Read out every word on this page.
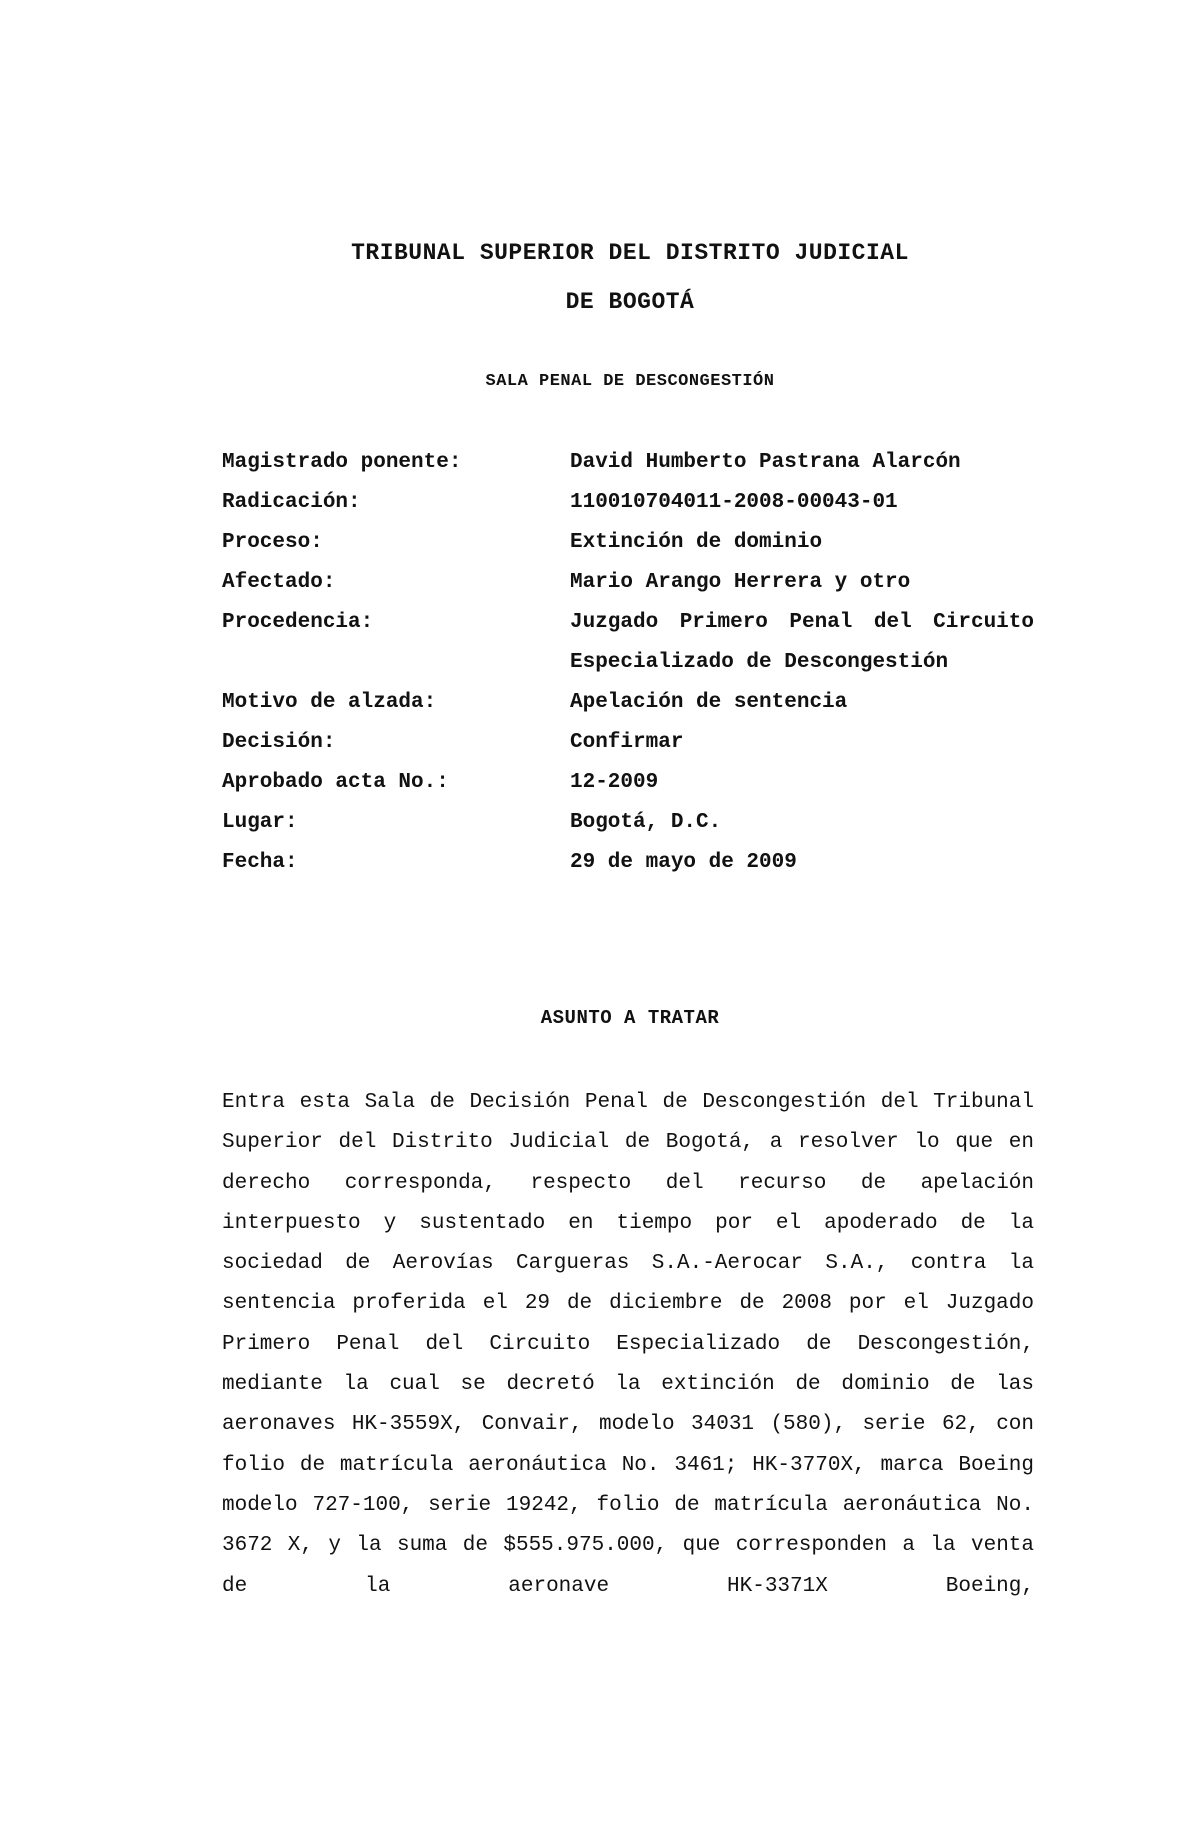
TRIBUNAL SUPERIOR DEL DISTRITO JUDICIAL
DE BOGOTÁ
SALA PENAL DE DESCONGESTIÓN
Magistrado ponente:	David Humberto Pastrana Alarcón
Radicación:	110010704011-2008-00043-01
Proceso:	Extinción de dominio
Afectado:	Mario Arango Herrera y otro
Procedencia:	Juzgado Primero Penal del Circuito Especializado de Descongestión
Motivo de alzada:	Apelación de sentencia
Decisión:	Confirmar
Aprobado acta No.:	12-2009
Lugar:	Bogotá, D.C.
Fecha:	29 de mayo de 2009
ASUNTO A TRATAR
Entra esta Sala de Decisión Penal de Descongestión del Tribunal Superior del Distrito Judicial de Bogotá, a resolver lo que en derecho corresponda, respecto del recurso de apelación interpuesto y sustentado en tiempo por el apoderado de la sociedad de Aerovías Cargueras S.A.-Aerocar S.A., contra la sentencia proferida el 29 de diciembre de 2008 por el Juzgado Primero Penal del Circuito Especializado de Descongestión, mediante la cual se decretó la extinción de dominio de las aeronaves HK-3559X, Convair, modelo 34031 (580), serie 62, con folio de matrícula aeronáutica No. 3461; HK-3770X, marca Boeing modelo 727-100, serie 19242, folio de matrícula aeronáutica No. 3672 X, y la suma de $555.975.000, que corresponden a la venta de la aeronave HK-3371X Boeing,
